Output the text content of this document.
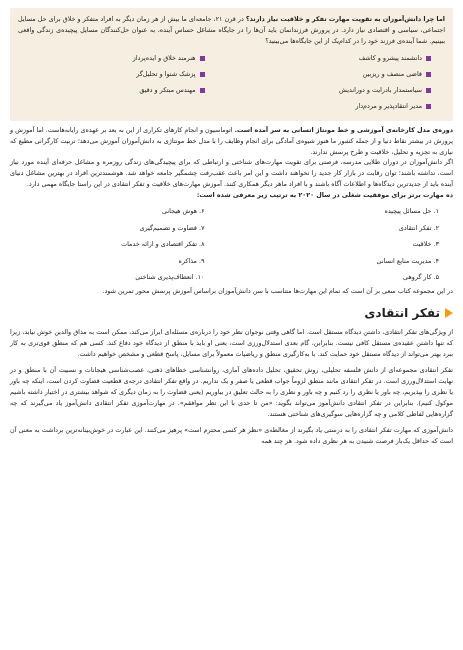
اما چرا دانش‌آموزان به تقویت مهارت تفکر و خلاقیت نیاز دارند؟ در قرن ۲۱، جامعه‌ای ما بیش از هر زمان دیگر به افراد متفکر و خلاق برای حل مسایل اجتماعی، سیاسی و اقتصادی نیاز دارد. در پرورش فرزندانمان باید آن‌ها را در جایگاه مشاغل حساس آینده، به عنوان حل‌کنندگان مسایل پیچیده‌ی زندگی واقعی ببینیم. شما آینده‌ی فرزند خود را در کدام‌یک از این جایگاه‌ها می‌بینید؟

دانشمند پیشرو و کاشف
هنرمند خلاق و ایده‌پرداز
قاضی منصف و ریزبین
پزشک شنوا و تحلیل‌گر
سیاستمدار بادرایت و دوراندیش
مهندس مبتکر و دقیق
مدیر انتقادپذیر و مردم‌دار

دوره‌ی مدل کارخانه‌ی آموزشی و خط مونتاژ انسانی به سر آمده است. اتوماسیون و انجام کارهای تکراری از این به بعد بر عهده‌ی رایانه‌هاست. اما آموزش و پرورش در بیشتر نقاط دنیا و از جمله کشور ما هنوز شیوه‌ی آمادگی برای انجام وظایف را با مدل خط مونتاژی به دانش‌آموزان آموزش می‌دهد؛ تربیت کارگرانی مطیع که نیازی به تجزیه و تحلیل، خلاقیت و طرح پرسش ندارند.

اگر دانش‌آموزان در دوران طلایی مدرسه، فرصتی برای تقویت مهارت‌های شناختی و ارتباطی که برای پیچیدگی‌های زندگی روزمره و مشاغل حرفه‌ای آینده مورد نیاز است، نداشته باشند؛ توان رقابت در بازار کار جدید را نخواهند داشت و این امر باعث عقب‌رفت چشمگیر جامعه خواهد شد. هوشمندترین افراد در بهترین مشاغل دنیای آینده باید از جدیدترین دیدگاه‌ها و اطلاعات آگاه باشند و با افراد ماهر دیگر همکاری کنند. آموزش مهارت‌های خلاقیت و تفکر انتقادی در این راستا جایگاه مهمی دارد.

ده مهارت برتر برای موفقیت شغلی در سال ۲۰۲۰ به ترتیب زیر معرفی شده است:

۱. حل مسائل پیچیده
۶. هوش هیجانی
۲. تفکر انتقادی
۷. قضاوت و تصمیم‌گیری
۳. خلاقیت
۸. تفکر اقتصادی و ارائه خدمات
۴. مدیریت منابع انسانی
۹. مذاکره
۵. کار گروهی
۱۰. انعطاف‌پذیری شناختی

در این مجموعه کتاب سعی بر آن است که تمام این مهارت‌ها متناسب با سن دانش‌آموزان براساس آموزش پرسش محور تمرین شود.

تفکر انتقادی

از ویژگی‌های تفکر انتقادی، داشتن دیدگاه مستقل است. اما گاهی وقتی نوجوان نظر خود را درباره‌ی مسئله‌ای ابراز می‌کند، ممکن است به مذاق والدین خوش نیاید، زیرا که تنها داشتن عقیده‌ی مستقل کافی نیست. بنابراین، گام بعدی استدلال‌ورزی است، یعنی او باید با منطق از دیدگاه خود دفاع کند. کسی هم که منطق قوی‌تری به کار ببرد بهتر می‌تواند از دیدگاه مستقل خود حمایت کند. با به‌کارگیری منطق و ریاضیات معمولاً برای مسایل، پاسخ قطعی و مشخص خواهیم داشت.

تفکر انتقادی مجموعه‌ای از دانش فلسفه تحلیلی، روش تحقیق، تحلیل داده‌های آماری، روانشناسی خطاهای ذهنی، عصب‌شناسی هیجانات و نسبیت آن با منطق و در نهایت استدلال‌ورزی است. در تفکر انتقادی مانند منطق لزوماً جواب قطعی یا صفر و یک نداریم. در واقع تفکر انتقادی درجه‌ی قطعیت قضاوت کردن است، اینکه چه باور یا نظری را بپذیریم، چه باور یا نظری را رد کنیم و چه باور و نظری را به حالت تعلیق در بیاوریم (یعنی قضاوت را به زمان دیگری که شواهد بیشتری در اختیار داشته باشیم موکول کنیم). بنابراین در تفکر انتقادی دانش‌آموز می‌تواند بگوید: «من تا حدی با این نظر موافقم». در مهارت‌آموزی تفکر انتقادی دانش‌آموز یاد می‌گیرند که چه گزاره‌هایی لفاظی کلامی و چه گزاره‌هایی سوگیری‌های شناختی هستند.

دانش‌آموزی که مهارت تفکر انتقادی را به درستی یاد بگیرند از مغالطه‌ی «نظر هر کسی محترم است» پرهیز می‌کنند. این عبارت در خوش‌بینانه‌ترین برداشت به معنی آن است که حداقل یک‌بار فرصت شنیدن به هر نظری داده شود. هر چند همه
